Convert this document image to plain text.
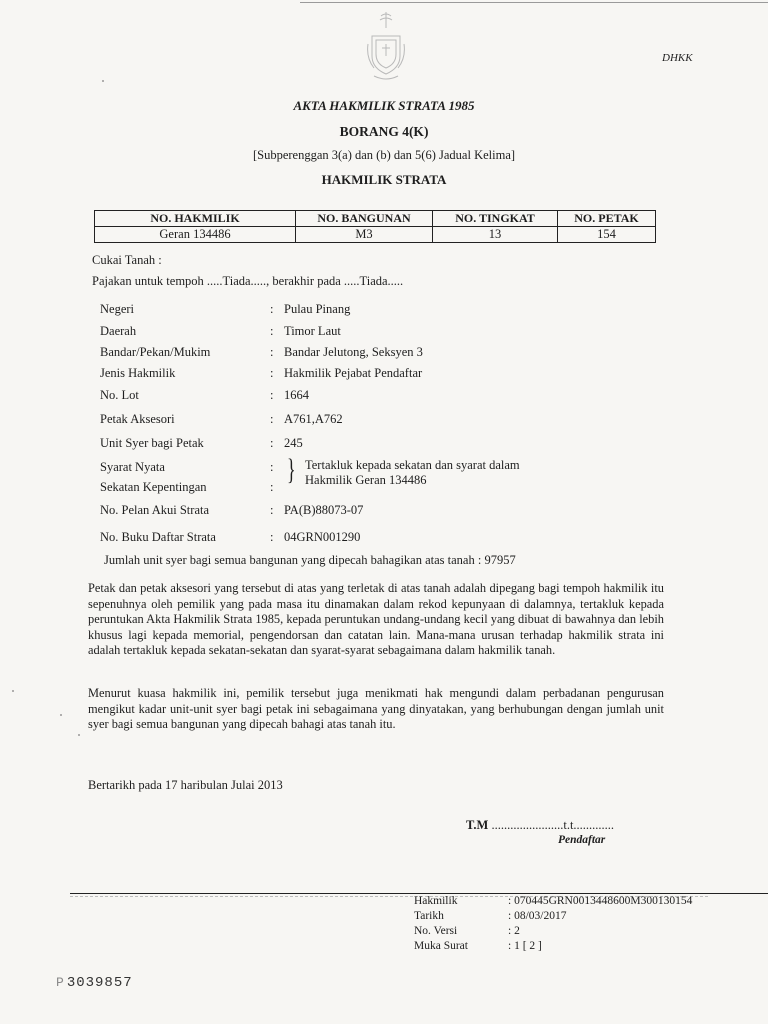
DHKK
AKTA HAKMILIK STRATA 1985
BORANG 4(K)
[Subperenggan 3(a) dan (b) dan 5(6) Jadual Kelima]
HAKMILIK STRATA
NO. HAKMILIK	NO. BANGUNAN	NO. TINGKAT	NO. PETAK
Geran 134486	M3	13	154
Cukai Tanah :
Pajakan untuk tempoh .....Tiada....., berakhir pada .....Tiada.....
Negeri	: Pulau Pinang
Daerah	: Timor Laut
Bandar/Pekan/Mukim	: Bandar Jelutong, Seksyen 3
Jenis Hakmilik	: Hakmilik Pejabat Pendaftar
No. Lot	: 1664
Petak Aksesori	: A761,A762
Unit Syer bagi Petak	: 245
Syarat Nyata	:
Sekatan Kepentingan	:
} Tertakluk kepada sekatan dan syarat dalam
Hakmilik Geran 134486
No. Pelan Akui Strata	: PA(B)88073-07
No. Buku Daftar Strata	: 04GRN001290
Jumlah unit syer bagi semua bangunan yang dipecah bahagikan atas tanah : 97957
Petak dan petak aksesori yang tersebut di atas yang terletak di atas tanah adalah dipegang bagi tempoh hakmilik itu sepenuhnya oleh pemilik yang pada masa itu dinamakan dalam rekod kepunyaan di dalamnya, tertakluk kepada peruntukan Akta Hakmilik Strata 1985, kepada peruntukan undang-undang kecil yang dibuat di bawahnya dan lebih khusus lagi kepada memorial, pengendorsan dan catatan lain. Mana-mana urusan terhadap hakmilik strata ini adalah tertakluk kepada sekatan-sekatan dan syarat-syarat sebagaimana dalam hakmilik tanah.
Menurut kuasa hakmilik ini, pemilik tersebut juga menikmati hak mengundi dalam perbadanan pengurusan mengikut kadar unit-unit syer bagi petak ini sebagaimana yang dinyatakan, yang berhubungan dengan jumlah unit syer bagi semua bangunan yang dipecah bahagi atas tanah itu.
Bertarikh pada 17 haribulan Julai 2013
T.M .......................t.t.............
Pendaftar
Hakmilik	: 070445GRN0013448600M300130154
Tarikh	: 08/03/2017
No. Versi	: 2
Muka Surat	: 1 [ 2 ]
P 3039857
